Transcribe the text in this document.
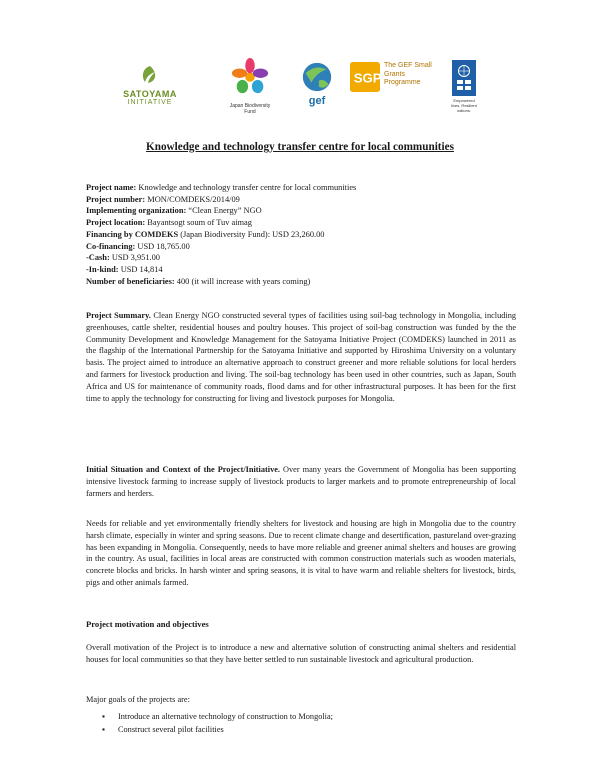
SATOYAMA
INITIATIVE	Japan Biodiversity Fund
gef
SGP
The GEF Small Grants Programme
Empowered lives. Resilient nations.
Knowledge and technology transfer centre for local communities
Project name: Knowledge and technology transfer centre for local communities
Project number: MON/COMDEKS/2014/09
Implementing organization: “Clean Energy” NGO
Project location: Bayantsogt soum of Tuv aimag
Financing by COMDEKS (Japan Biodiversity Fund): USD 23,260.00
Co-financing: USD 18,765.00
-Cash: USD 3,951.00
-In-kind: USD 14,814
Number of beneficiaries: 400 (it will increase with years coming)
Project Summary. Clean Energy NGO constructed several types of facilities using soil-bag technology in Mongolia, including greenhouses, cattle shelter, residential houses and poultry houses. This project of soil-bag construction was funded by the the Community Development and Knowledge Management for the Satoyama Initiative Project (COMDEKS) launched in 2011 as the flagship of the International Partnership for the Satoyama Initiative and supported by Hiroshima University on a voluntary basis. The project aimed to introduce an alternative approach to construct greener and more reliable solutions for local herders and farmers for livestock production and living. The soil-bag technology has been used in other countries, such as Japan, South Africa and US for maintenance of community roads, flood dams and for other infrastructural purposes. It has been for the first time to apply the technology for constructing for living and livestock purposes for Mongolia.
Initial Situation and Context of the Project/Initiative. Over many years the Government of Mongolia has been supporting intensive livestock farming to increase supply of livestock products to larger markets and to promote entrepreneurship of local farmers and herders.
Needs for reliable and yet environmentally friendly shelters for livestock and housing are high in Mongolia due to the country harsh climate, especially in winter and spring seasons. Due to recent climate change and desertification, pastureland over-grazing has been expanding in Mongolia. Consequently, needs to have more reliable and greener animal shelters and houses are growing in the country. As usual, facilities in local areas are constructed with common construction materials such as wooden materials, concrete blocks and bricks. In harsh winter and spring seasons, it is vital to have warm and reliable shelters for livestock, birds, pigs and other animals farmed.
Project motivation and objectives
Overall motivation of the Project is to introduce a new and alternative solution of constructing animal shelters and residential houses for local communities so that they have better settled to run sustainable livestock and agricultural production.
Major goals of the projects are:
▪ Introduce an alternative technology of construction to Mongolia;
▪ Construct several pilot facilities
